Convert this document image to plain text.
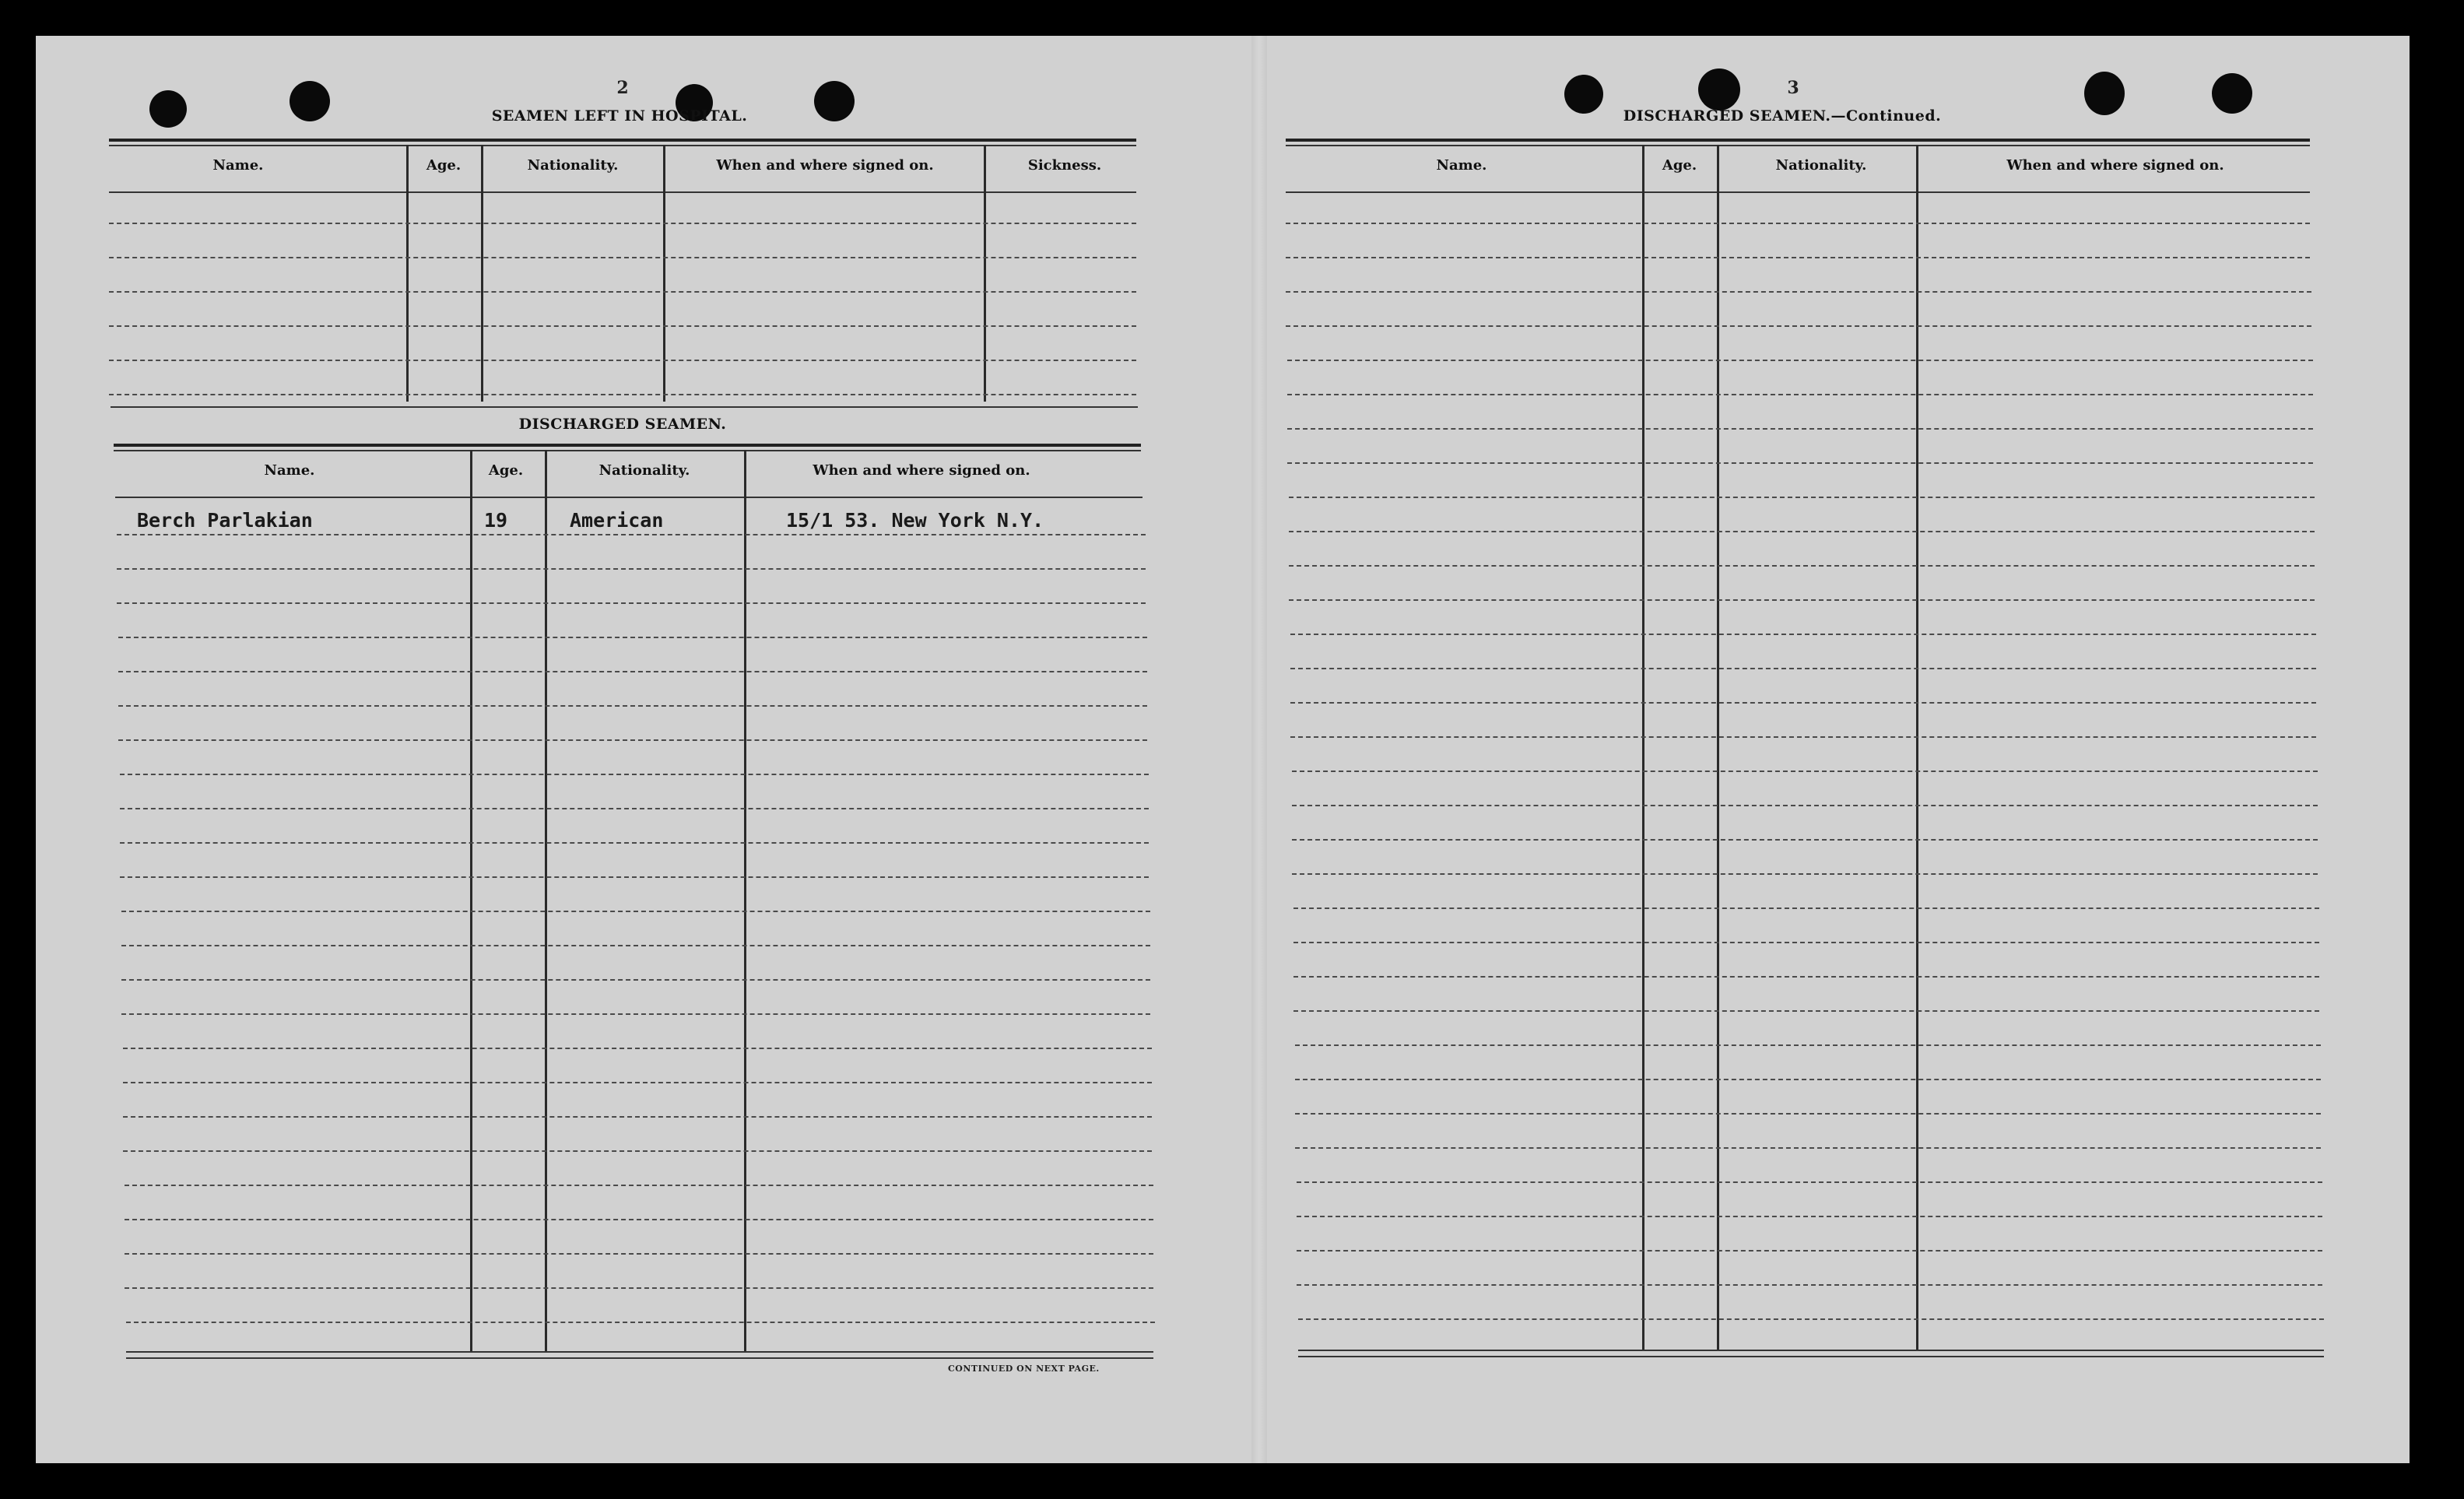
2
SEAMEN LEFT IN HOSPITAL.
Name.	Age.	Nationality.	When and where signed on.	Sickness.
DISCHARGED SEAMEN.
Name.	Age.	Nationality.	When and where signed on.
Berch Parlakian	19	American	15/1 53. New York N.Y.
CONTINUED ON NEXT PAGE.
3
DISCHARGED SEAMEN.—Continued.
Name.	Age.	Nationality.	When and where signed on.
